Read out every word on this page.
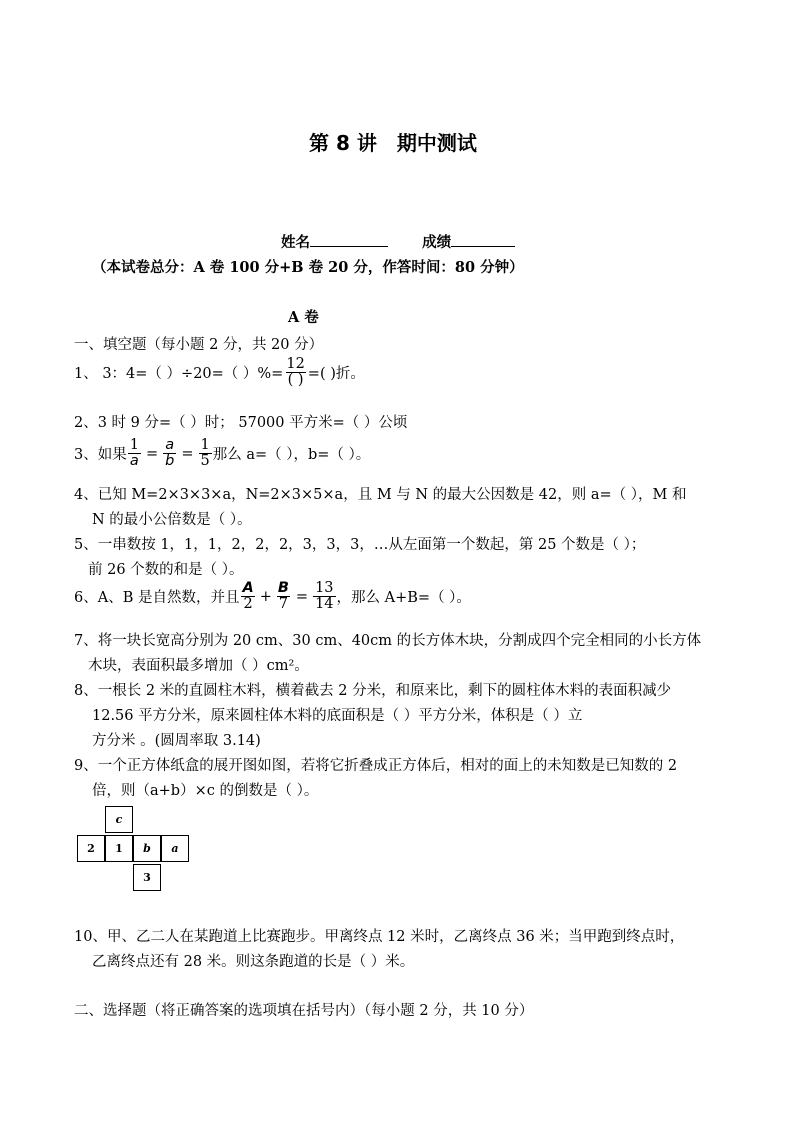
第 8 讲　期中测试
姓名	成绩
（本试卷总分：A 卷 100 分+B 卷 20 分，作答时间：80 分钟）
A 卷
一、填空题（每小题 2 分，共 20 分）
1、 3：4=（ ）÷20=（ ）%= $\frac{12}{( )}$ =( )折。
2、3 时 9 分=（ ）时； 57000 平方米=（ ）公顷
3、如果 $\frac{1}{a} = \frac{a}{b} = \frac{1}{5}$ 那么 a=（ ），b=（ ）。
4、已知 M=2×3×3×a，N=2×3×5×a，且 M 与 N 的最大公因数是 42，则 a=（ ），M 和
N 的最小公倍数是（ ）。
5、一串数按 1，1，1，2，2，2，3，3，3，…从左面第一个数起，第 25 个数是（ ）；
前 26 个数的和是（ ）。
6、A、B 是自然数，并且 $\frac{A}{2} + \frac{B}{7} = \frac{13}{14}$ ，那么 A+B=（ ）。
7、将一块长宽高分别为 20 cm、30 cm、40cm 的长方体木块，分割成四个完全相同的小长方体
木块，表面积最多增加（ ）cm²。
8、一根长 2 米的直圆柱木料，横着截去 2 分米，和原来比，剩下的圆柱体木料的表面积减少
12.56 平方分米，原来圆柱体木料的底面积是（ ）平方分米，体积是（ ）立
方分米 。(圆周率取 3.14)
9、一个正方体纸盒的展开图如图，若将它折叠成正方体后，相对的面上的未知数是已知数的 2
倍，则（a+b）×c 的倒数是（ ）。
c
2	1	b	a
3
10、甲、乙二人在某跑道上比赛跑步。甲离终点 12 米时，乙离终点 36 米；当甲跑到终点时，
乙离终点还有 28 米。则这条跑道的长是（ ）米。
二、选择题（将正确答案的选项填在括号内）（每小题 2 分，共 10 分）
